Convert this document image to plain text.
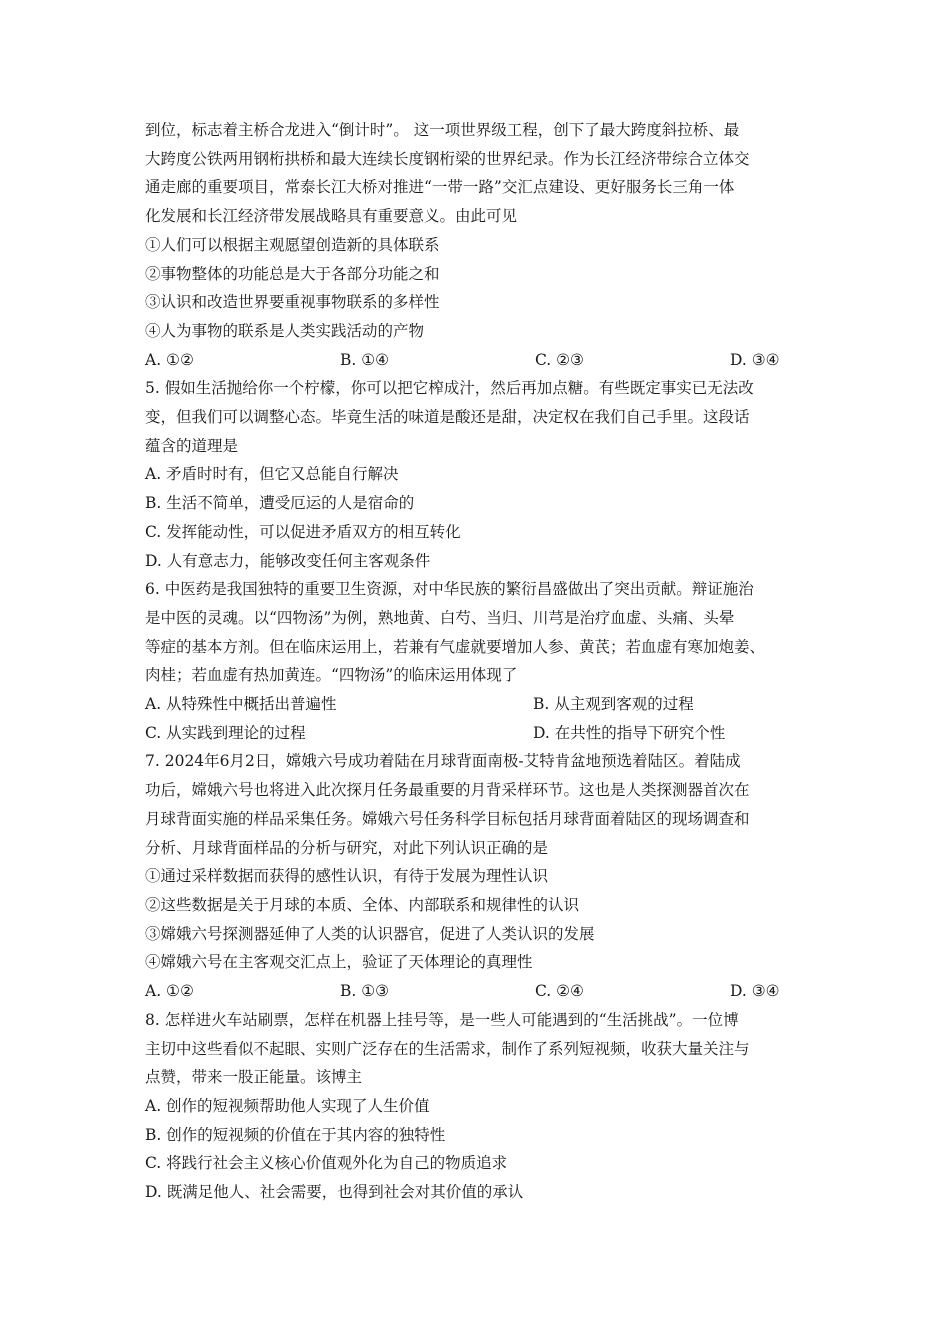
到位，标志着主桥合龙进入“倒计时”。 这一项世界级工程，创下了最大跨度斜拉桥、最

大跨度公铁两用钢桁拱桥和最大连续长度钢桁梁的世界纪录。作为长江经济带综合立体交

通走廊的重要项目，常泰长江大桥对推进“一带一路”交汇点建设、更好服务长三角一体

化发展和长江经济带发展战略具有重要意义。由此可见

①人们可以根据主观愿望创造新的具体联系

②事物整体的功能总是大于各部分功能之和

③认识和改造世界要重视事物联系的多样性

④人为事物的联系是人类实践活动的产物

A. ①②	B. ①④	C. ②③	D. ③④

5. 假如生活抛给你一个柠檬，你可以把它榨成汁，然后再加点糖。有些既定事实已无法改

变，但我们可以调整心态。毕竟生活的味道是酸还是甜，决定权在我们自己手里。这段话

蕴含的道理是

A. 矛盾时时有，但它又总能自行解决

B. 生活不简单，遭受厄运的人是宿命的

C. 发挥能动性，可以促进矛盾双方的相互转化

D. 人有意志力，能够改变任何主客观条件

6. 中医药是我国独特的重要卫生资源，对中华民族的繁衍昌盛做出了突出贡献。辩证施治

是中医的灵魂。以“四物汤”为例，熟地黄、白芍、当归、川芎是治疗血虚、头痛、头晕

等症的基本方剂。但在临床运用上，若兼有气虚就要增加人参、黄芪；若血虚有寒加炮姜、

肉桂；若血虚有热加黄连。“四物汤”的临床运用体现了

A. 从特殊性中概括出普遍性	B. 从主观到客观的过程
C. 从实践到理论的过程	D. 在共性的指导下研究个性

7. 2024年6月2日，嫦娥六号成功着陆在月球背面南极-艾特肯盆地预选着陆区。着陆成

功后，嫦娥六号也将进入此次探月任务最重要的月背采样环节。这也是人类探测器首次在

月球背面实施的样品采集任务。嫦娥六号任务科学目标包括月球背面着陆区的现场调查和

分析、月球背面样品的分析与研究，对此下列认识正确的是

①通过采样数据而获得的感性认识，有待于发展为理性认识

②这些数据是关于月球的本质、全体、内部联系和规律性的认识

③嫦娥六号探测器延伸了人类的认识器官，促进了人类认识的发展

④嫦娥六号在主客观交汇点上，验证了天体理论的真理性

A. ①②	B. ①③	C. ②④	D. ③④

8. 怎样进火车站刷票，怎样在机器上挂号等，是一些人可能遇到的“生活挑战”。一位博

主切中这些看似不起眼、实则广泛存在的生活需求，制作了系列短视频，收获大量关注与

点赞，带来一股正能量。该博主

A. 创作的短视频帮助他人实现了人生价值

B. 创作的短视频的价值在于其内容的独特性

C. 将践行社会主义核心价值观外化为自己的物质追求

D. 既满足他人、社会需要，也得到社会对其价值的承认
